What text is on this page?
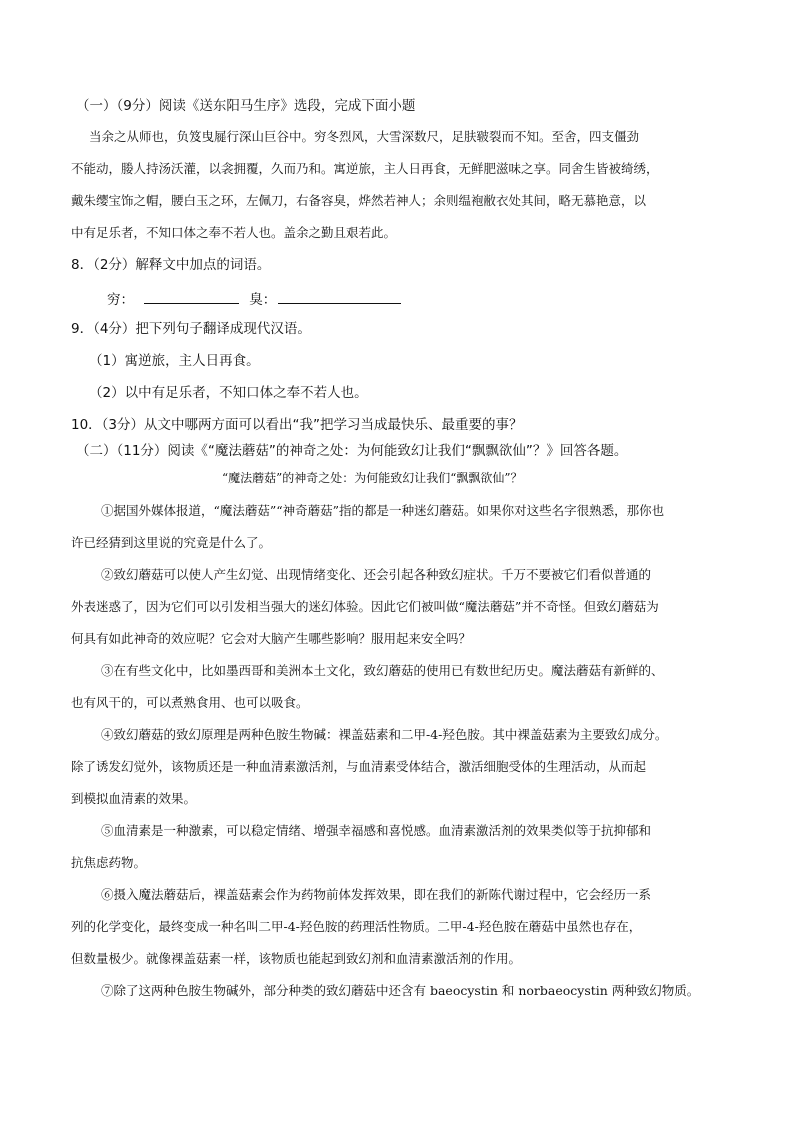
（一）（9分）阅读《送东阳马生序》选段，完成下面小题
当余之从师也，负笈曳屣行深山巨谷中。穷冬烈风，大雪深数尺，足肤皲裂而不知。至舍，四支僵劲
不能动，媵人持汤沃灌，以衾拥覆，久而乃和。寓逆旅，主人日再食，无鲜肥滋味之享。同舍生皆被绮绣，
戴朱缨宝饰之帽，腰白玉之环，左佩刀，右备容臭，烨然若神人；余则缊袍敝衣处其间，略无慕艳意，以
中有足乐者，不知口体之奉不若人也。盖余之勤且艰若此。
8．（2分）解释文中加点的词语。
穷：	臭：
9．（4分）把下列句子翻译成现代汉语。
（1）寓逆旅，主人日再食。
（2）以中有足乐者，不知口体之奉不若人也。
10．（3分）从文中哪两方面可以看出“我”把学习当成最快乐、最重要的事？
（二）（11分）阅读《“魔法蘑菇”的神奇之处：为何能致幻让我们“飘飘欲仙”？》回答各题。
“魔法蘑菇”的神奇之处：为何能致幻让我们“飘飘欲仙”？
①据国外媒体报道，“魔法蘑菇”“神奇蘑菇”指的都是一种迷幻蘑菇。如果你对这些名字很熟悉，那你也
许已经猜到这里说的究竟是什么了。
②致幻蘑菇可以使人产生幻觉、出现情绪变化、还会引起各种致幻症状。千万不要被它们看似普通的
外表迷惑了，因为它们可以引发相当强大的迷幻体验。因此它们被叫做“魔法蘑菇”并不奇怪。但致幻蘑菇为
何具有如此神奇的效应呢？它会对大脑产生哪些影响？服用起来安全吗？
③在有些文化中，比如墨西哥和美洲本土文化，致幻蘑菇的使用已有数世纪历史。魔法蘑菇有新鲜的、
也有风干的，可以煮熟食用、也可以吸食。
④致幻蘑菇的致幻原理是两种色胺生物碱：裸盖菇素和二甲-4-羟色胺。其中裸盖菇素为主要致幻成分。
除了诱发幻觉外，该物质还是一种血清素激活剂，与血清素受体结合，激活细胞受体的生理活动，从而起
到模拟血清素的效果。
⑤血清素是一种激素，可以稳定情绪、增强幸福感和喜悦感。血清素激活剂的效果类似等于抗抑郁和
抗焦虑药物。
⑥摄入魔法蘑菇后，裸盖菇素会作为药物前体发挥效果，即在我们的新陈代谢过程中，它会经历一系
列的化学变化，最终变成一种名叫二甲-4-羟色胺的药理活性物质。二甲-4-羟色胺在蘑菇中虽然也存在，
但数量极少。就像裸盖菇素一样，该物质也能起到致幻剂和血清素激活剂的作用。
⑦除了这两种色胺生物碱外，部分种类的致幻蘑菇中还含有 baeocystin 和 norbaeocystin 两种致幻物质。
